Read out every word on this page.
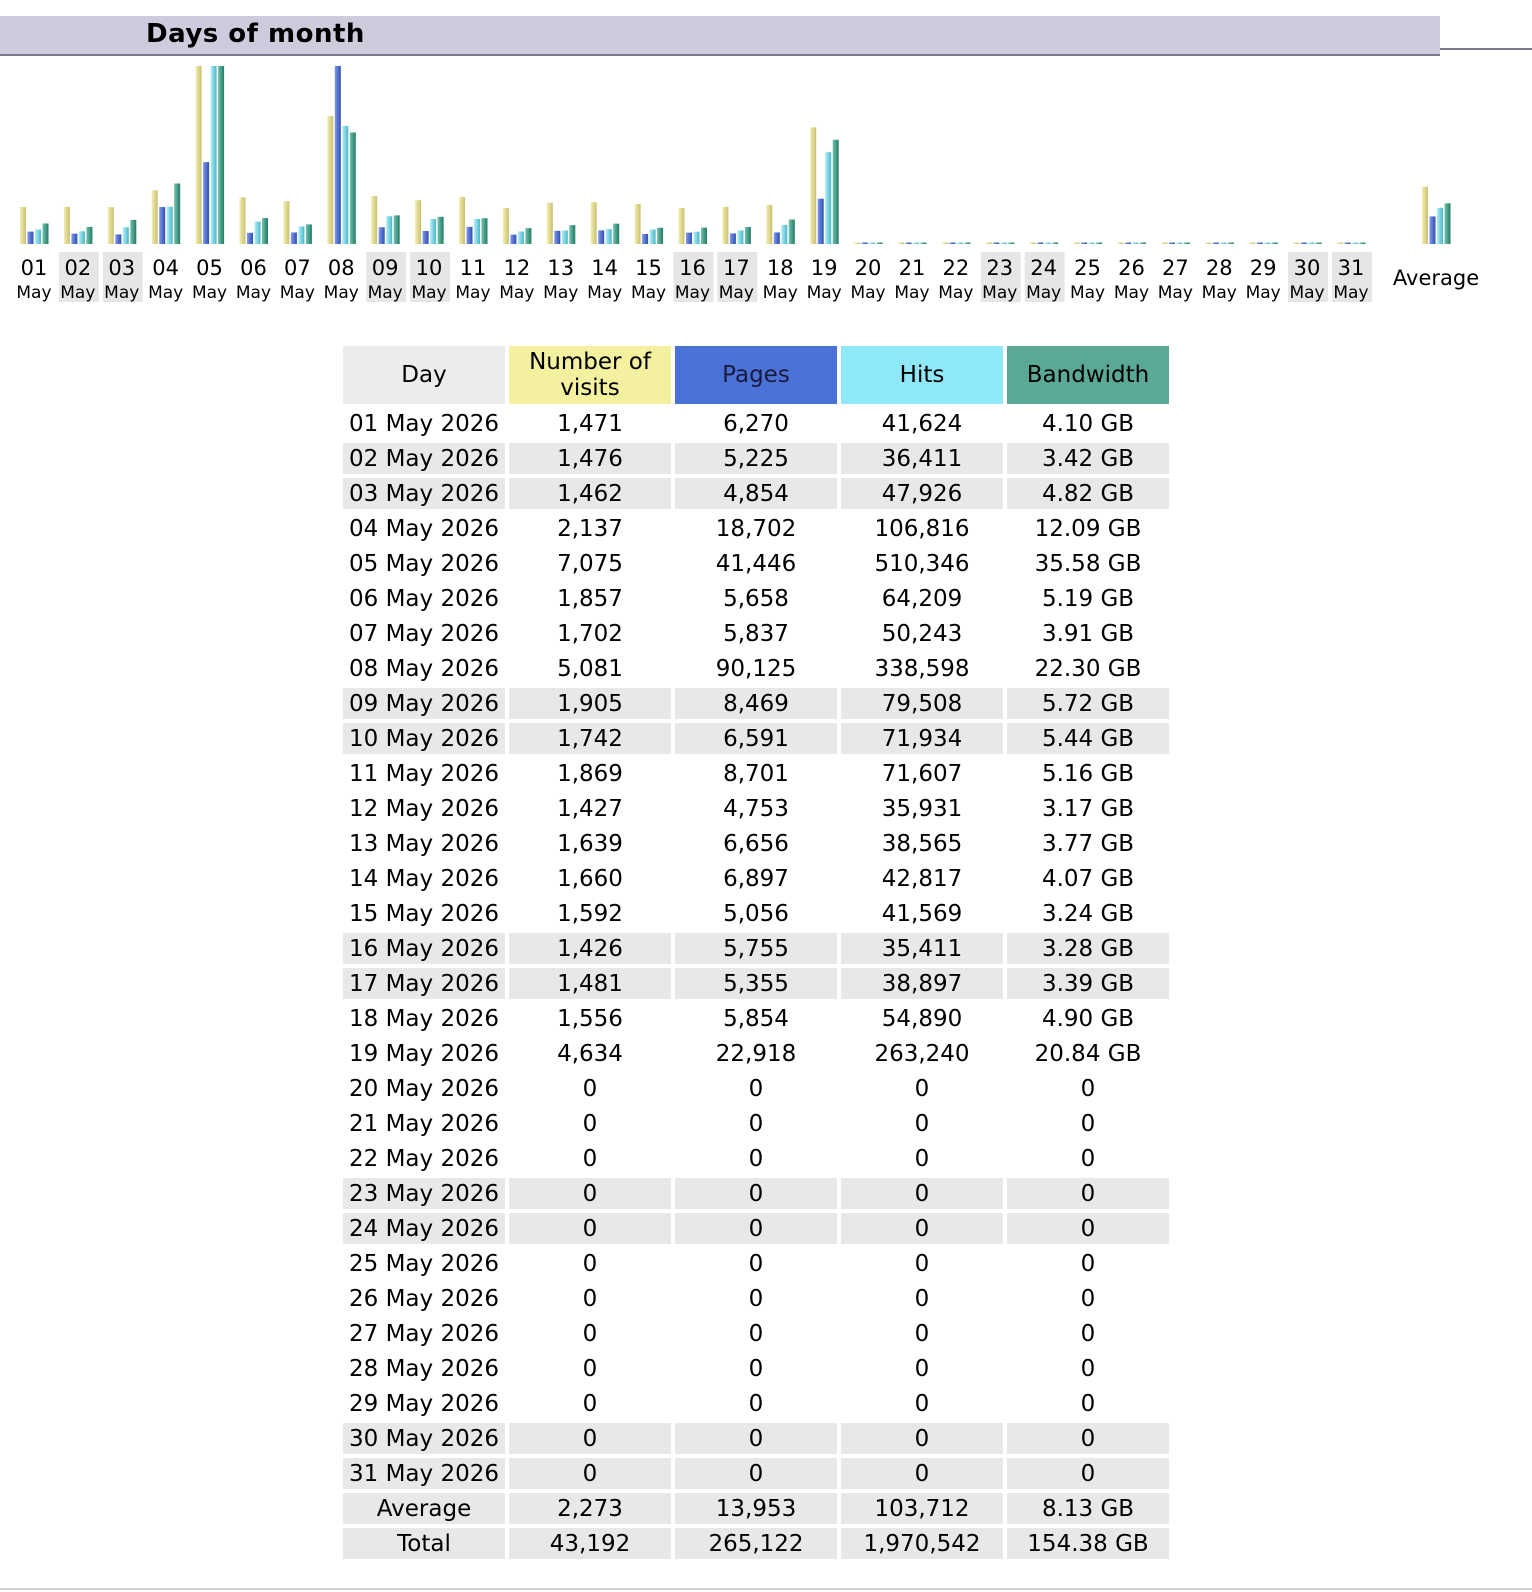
Days of month
01
May
02
May
03
May
04
May
05
May
06
May
07
May
08
May
09
May
10
May
11
May
12
May
13
May
14
May
15
May
16
May
17
May
18
May
19
May
20
May
21
May
22
May
23
May
24
May
25
May
26
May
27
May
28
May
29
May
30
May
31
May
Average
Day	Number of visits	Pages	Hits	Bandwidth
01 May 2026	1,471	6,270	41,624	4.10 GB
02 May 2026	1,476	5,225	36,411	3.42 GB
03 May 2026	1,462	4,854	47,926	4.82 GB
04 May 2026	2,137	18,702	106,816	12.09 GB
05 May 2026	7,075	41,446	510,346	35.58 GB
06 May 2026	1,857	5,658	64,209	5.19 GB
07 May 2026	1,702	5,837	50,243	3.91 GB
08 May 2026	5,081	90,125	338,598	22.30 GB
09 May 2026	1,905	8,469	79,508	5.72 GB
10 May 2026	1,742	6,591	71,934	5.44 GB
11 May 2026	1,869	8,701	71,607	5.16 GB
12 May 2026	1,427	4,753	35,931	3.17 GB
13 May 2026	1,639	6,656	38,565	3.77 GB
14 May 2026	1,660	6,897	42,817	4.07 GB
15 May 2026	1,592	5,056	41,569	3.24 GB
16 May 2026	1,426	5,755	35,411	3.28 GB
17 May 2026	1,481	5,355	38,897	3.39 GB
18 May 2026	1,556	5,854	54,890	4.90 GB
19 May 2026	4,634	22,918	263,240	20.84 GB
20 May 2026	0	0	0	0
21 May 2026	0	0	0	0
22 May 2026	0	0	0	0
23 May 2026	0	0	0	0
24 May 2026	0	0	0	0
25 May 2026	0	0	0	0
26 May 2026	0	0	0	0
27 May 2026	0	0	0	0
28 May 2026	0	0	0	0
29 May 2026	0	0	0	0
30 May 2026	0	0	0	0
31 May 2026	0	0	0	0
Average	2,273	13,953	103,712	8.13 GB
Total	43,192	265,122	1,970,542	154.38 GB
